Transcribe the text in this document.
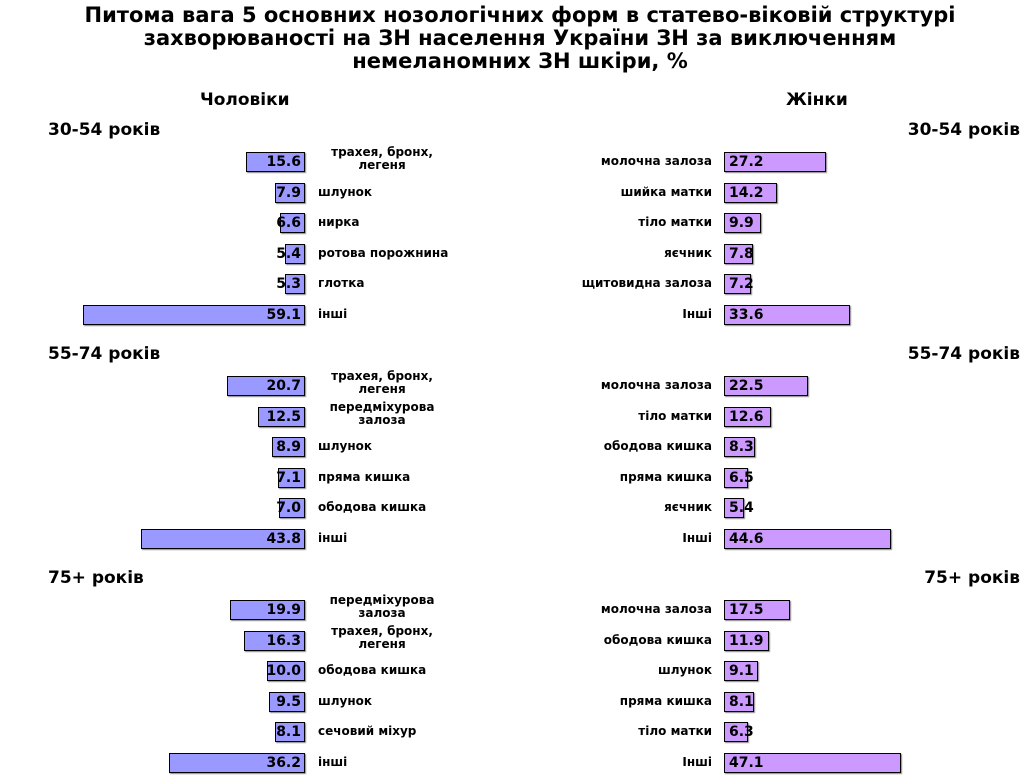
Питома вага 5 основних нозологічних форм в статево-віковій структурі
захворюваності на ЗН населення України ЗН за виключенням
немеланомних ЗН шкіри, %
Чоловіки	Жінки
30-54 років	30-54 років
15.6
трахея, бронх, легеня
7.9 шлунок
6.6 нирка
5.4 ротова порожнина
5.3 глотка
59.1 інші
27.2
молочна залоза
14.2
шийка матки
9.9
тіло матки
7.8
яєчник
7.2
щитовидна залоза
33.6
Інші
55-74 років	55-74 років
20.7
трахея, бронх, легеня
12.5
передміхурова залоза
8.9 шлунок
7.1 пряма кишка
7.0 ободова кишка
43.8 інші
22.5
молочна залоза
12.6
тіло матки
8.3
ободова кишка
6.5
пряма кишка
5.4
яєчник
44.6
Інші
75+ років	75+ років
19.9
передміхурова залоза
16.3
трахея, бронх, легеня
10.0 ободова кишка
9.5 шлунок
8.1 сечовий міхур
36.2 інші
17.5
молочна залоза
11.9
ободова кишка
9.1
шлунок
8.1
пряма кишка
6.3
тіло матки
47.1
Інші
